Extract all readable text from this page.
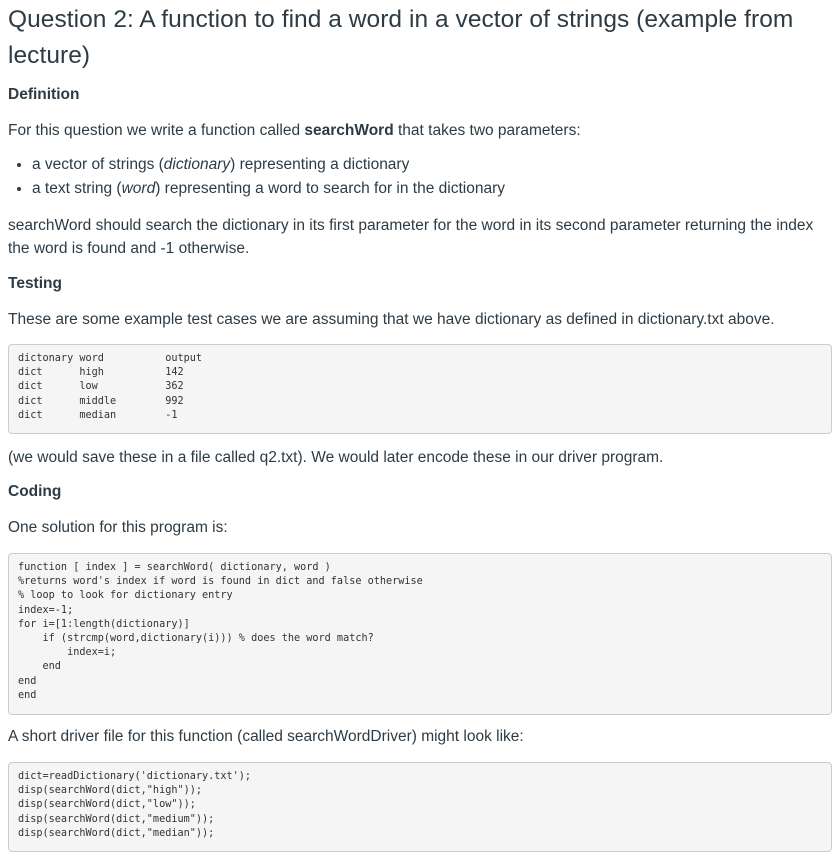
Question 2: A function to find a word in a vector of strings (example from
lecture)
Definition

For this question we write a function called searchWord that takes two parameters:

• a vector of strings (dictionary) representing a dictionary
• a text string (word) representing a word to search for in the dictionary

searchWord should search the dictionary in its first parameter for the word in its second parameter returning the index
the word is found and -1 otherwise.

Testing

These are some example test cases we are assuming that we have dictionary as defined in dictionary.txt above.

dictonary word          output
dict      high          142
dict      low           362
dict      middle        992
dict      median        -1

(we would save these in a file called q2.txt). We would later encode these in our driver program.

Coding

One solution for this program is:

function [ index ] = searchWord( dictionary, word )
%returns word's index if word is found in dict and false otherwise
% loop to look for dictionary entry
index=-1;
for i=[1:length(dictionary)]
if (strcmp(word,dictionary(i))) % does the word match?
index=i;
end
end
end

A short driver file for this function (called searchWordDriver) might look like:

dict=readDictionary('dictionary.txt');
disp(searchWord(dict,"high"));
disp(searchWord(dict,"low"));
disp(searchWord(dict,"medium"));
disp(searchWord(dict,"median"));
